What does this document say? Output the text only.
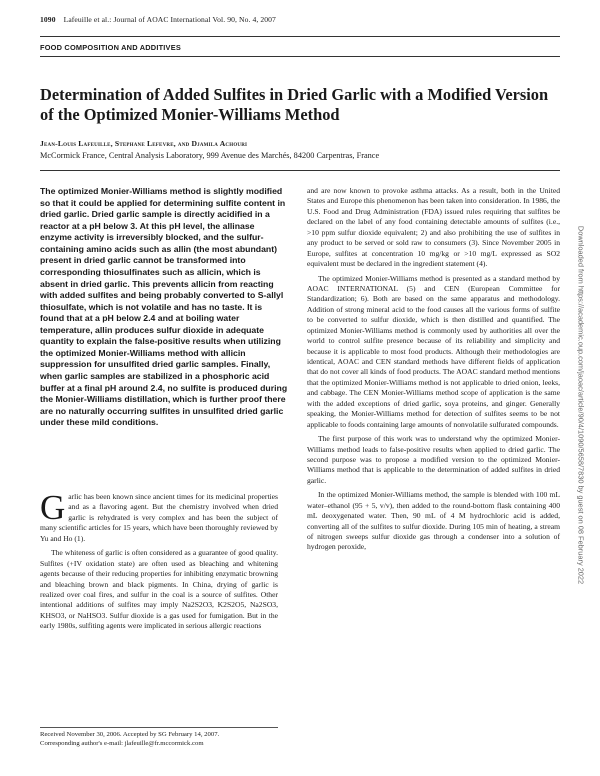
1090 Lafeuille et al.: Journal of AOAC International Vol. 90, No. 4, 2007
FOOD COMPOSITION AND ADDITIVES
Determination of Added Sulfites in Dried Garlic with a Modified Version of the Optimized Monier-Williams Method
Jean-Louis Lafeuille, Stephane Lefevre, and Djamila Achouri
McCormick France, Central Analysis Laboratory, 999 Avenue des Marchés, 84200 Carpentras, France

The optimized Monier-Williams method is slightly modified so that it could be applied for determining sulfite content in dried garlic. Dried garlic sample is directly acidified in a reactor at a pH below 3. At this pH level, the allinase enzyme activity is irreversibly blocked, and the sulfur-containing amino acids such as allin (the most abundant) present in dried garlic cannot be transformed into corresponding thiosulfinates such as allicin, which is absent in dried garlic. This prevents allicin from reacting with added sulfites and being probably converted to S-allyl thiosulfate, which is not volatile and has no taste. It is found that at a pH below 2.4 and at boiling water temperature, allin produces sulfur dioxide in adequate quantity to explain the false-positive results when utilizing the optimized Monier-Williams method with allicin suppression for unsulfited dried garlic samples. Finally, when garlic samples are stabilized in a phosphoric acid buffer at a final pH around 2.4, no sulfite is produced during the Monier-Williams distillation, which is further proof there are no naturally occurring sulfites in unsulfited dried garlic under these mild conditions.

Garlic has been known since ancient times for its medicinal properties and as a flavoring agent. But the chemistry involved when dried garlic is rehydrated is very complex and has been the subject of many scientific articles for 15 years, which have been thoroughly reviewed by Yu and Ho (1).

The whiteness of garlic is often considered as a guarantee of good quality. Sulfites (+IV oxidation state) are often used as bleaching and whitening agents because of their reducing properties for inhibiting enzymatic browning and bleaching brown and black pigments. In China, drying of garlic is realized over coal fires, and sulfur in the coal is a source of sulfites. Other intentional additions of sulfites may imply Na2S2O3, K2S2O5, Na2SO3, KHSO3, or NaHSO3. Sulfur dioxide is a gas used for fumigation. But in the early 1980s, sulfiting agents were implicated in serious allergic reactions

Received November 30, 2006. Accepted by SG February 14, 2007.
Corresponding author's e-mail: jlafeuille@fr.mccormick.com

and are now known to provoke asthma attacks. As a result, both in the United States and Europe this phenomenon has been taken into consideration. In 1986, the U.S. Food and Drug Administration (FDA) issued rules requiring that sulfites be declared on the label of any food containing detectable amounts of sulfites (i.e., >10 ppm sulfur dioxide equivalent; 2) and also prohibiting the use of sulfites in any product to be served or sold raw to consumers (3). Since November 2005 in Europe, sulfites at concentration 10 mg/kg or >10 mg/L expressed as SO2 equivalent must be declared in the ingredient statement (4).

The optimized Monier-Williams method is presented as a standard method by AOAC INTERNATIONAL (5) and CEN (European Committee for Standardization; 6). Both are based on the same apparatus and methodology. Addition of strong mineral acid to the food causes all the various forms of sulfite to be converted to sulfur dioxide, which is then distilled and quantified. The optimized Monier-Williams method is commonly used by authorities all over the world to control sulfite presence because of its reliability and simplicity and because it is applicable to most food products. Although their methodologies are identical, AOAC and CEN standard methods have different fields of application that do not cover all kinds of food products. The AOAC standard method mentions that the optimized Monier-Williams method is not applicable to dried onion, leeks, and cabbage. The CEN Monier-Williams method scope of application is the same with the added exceptions of dried garlic, soya proteins, and ginger. Generally speaking, the Monier-Williams method for detection of sulfites seems to be not applicable to foods containing large amounts of nonvolatile sulfurated compounds.

The first purpose of this work was to understand why the optimized Monier-Williams method leads to false-positive results when applied to dried garlic. The second purpose was to propose a modified version to the optimized Monier-Williams method that is applicable to the determination of added sulfites in dried garlic.

In the optimized Monier-Williams method, the sample is blended with 100 mL water–ethanol (95 + 5, v/v), then added to the round-bottom flask containing 400 mL deoxygenated water. Then, 90 mL of 4 M hydrochloric acid is added, converting all of the sulfites to sulfur dioxide. During 105 min of heating, a stream of nitrogen sweeps sulfur dioxide gas through a condenser into a solution of hydrogen peroxide,	Downloaded from https://academic.oup.com/jaoac/article/90/4/1090/5658/7830 by guest on 08 February 2022
